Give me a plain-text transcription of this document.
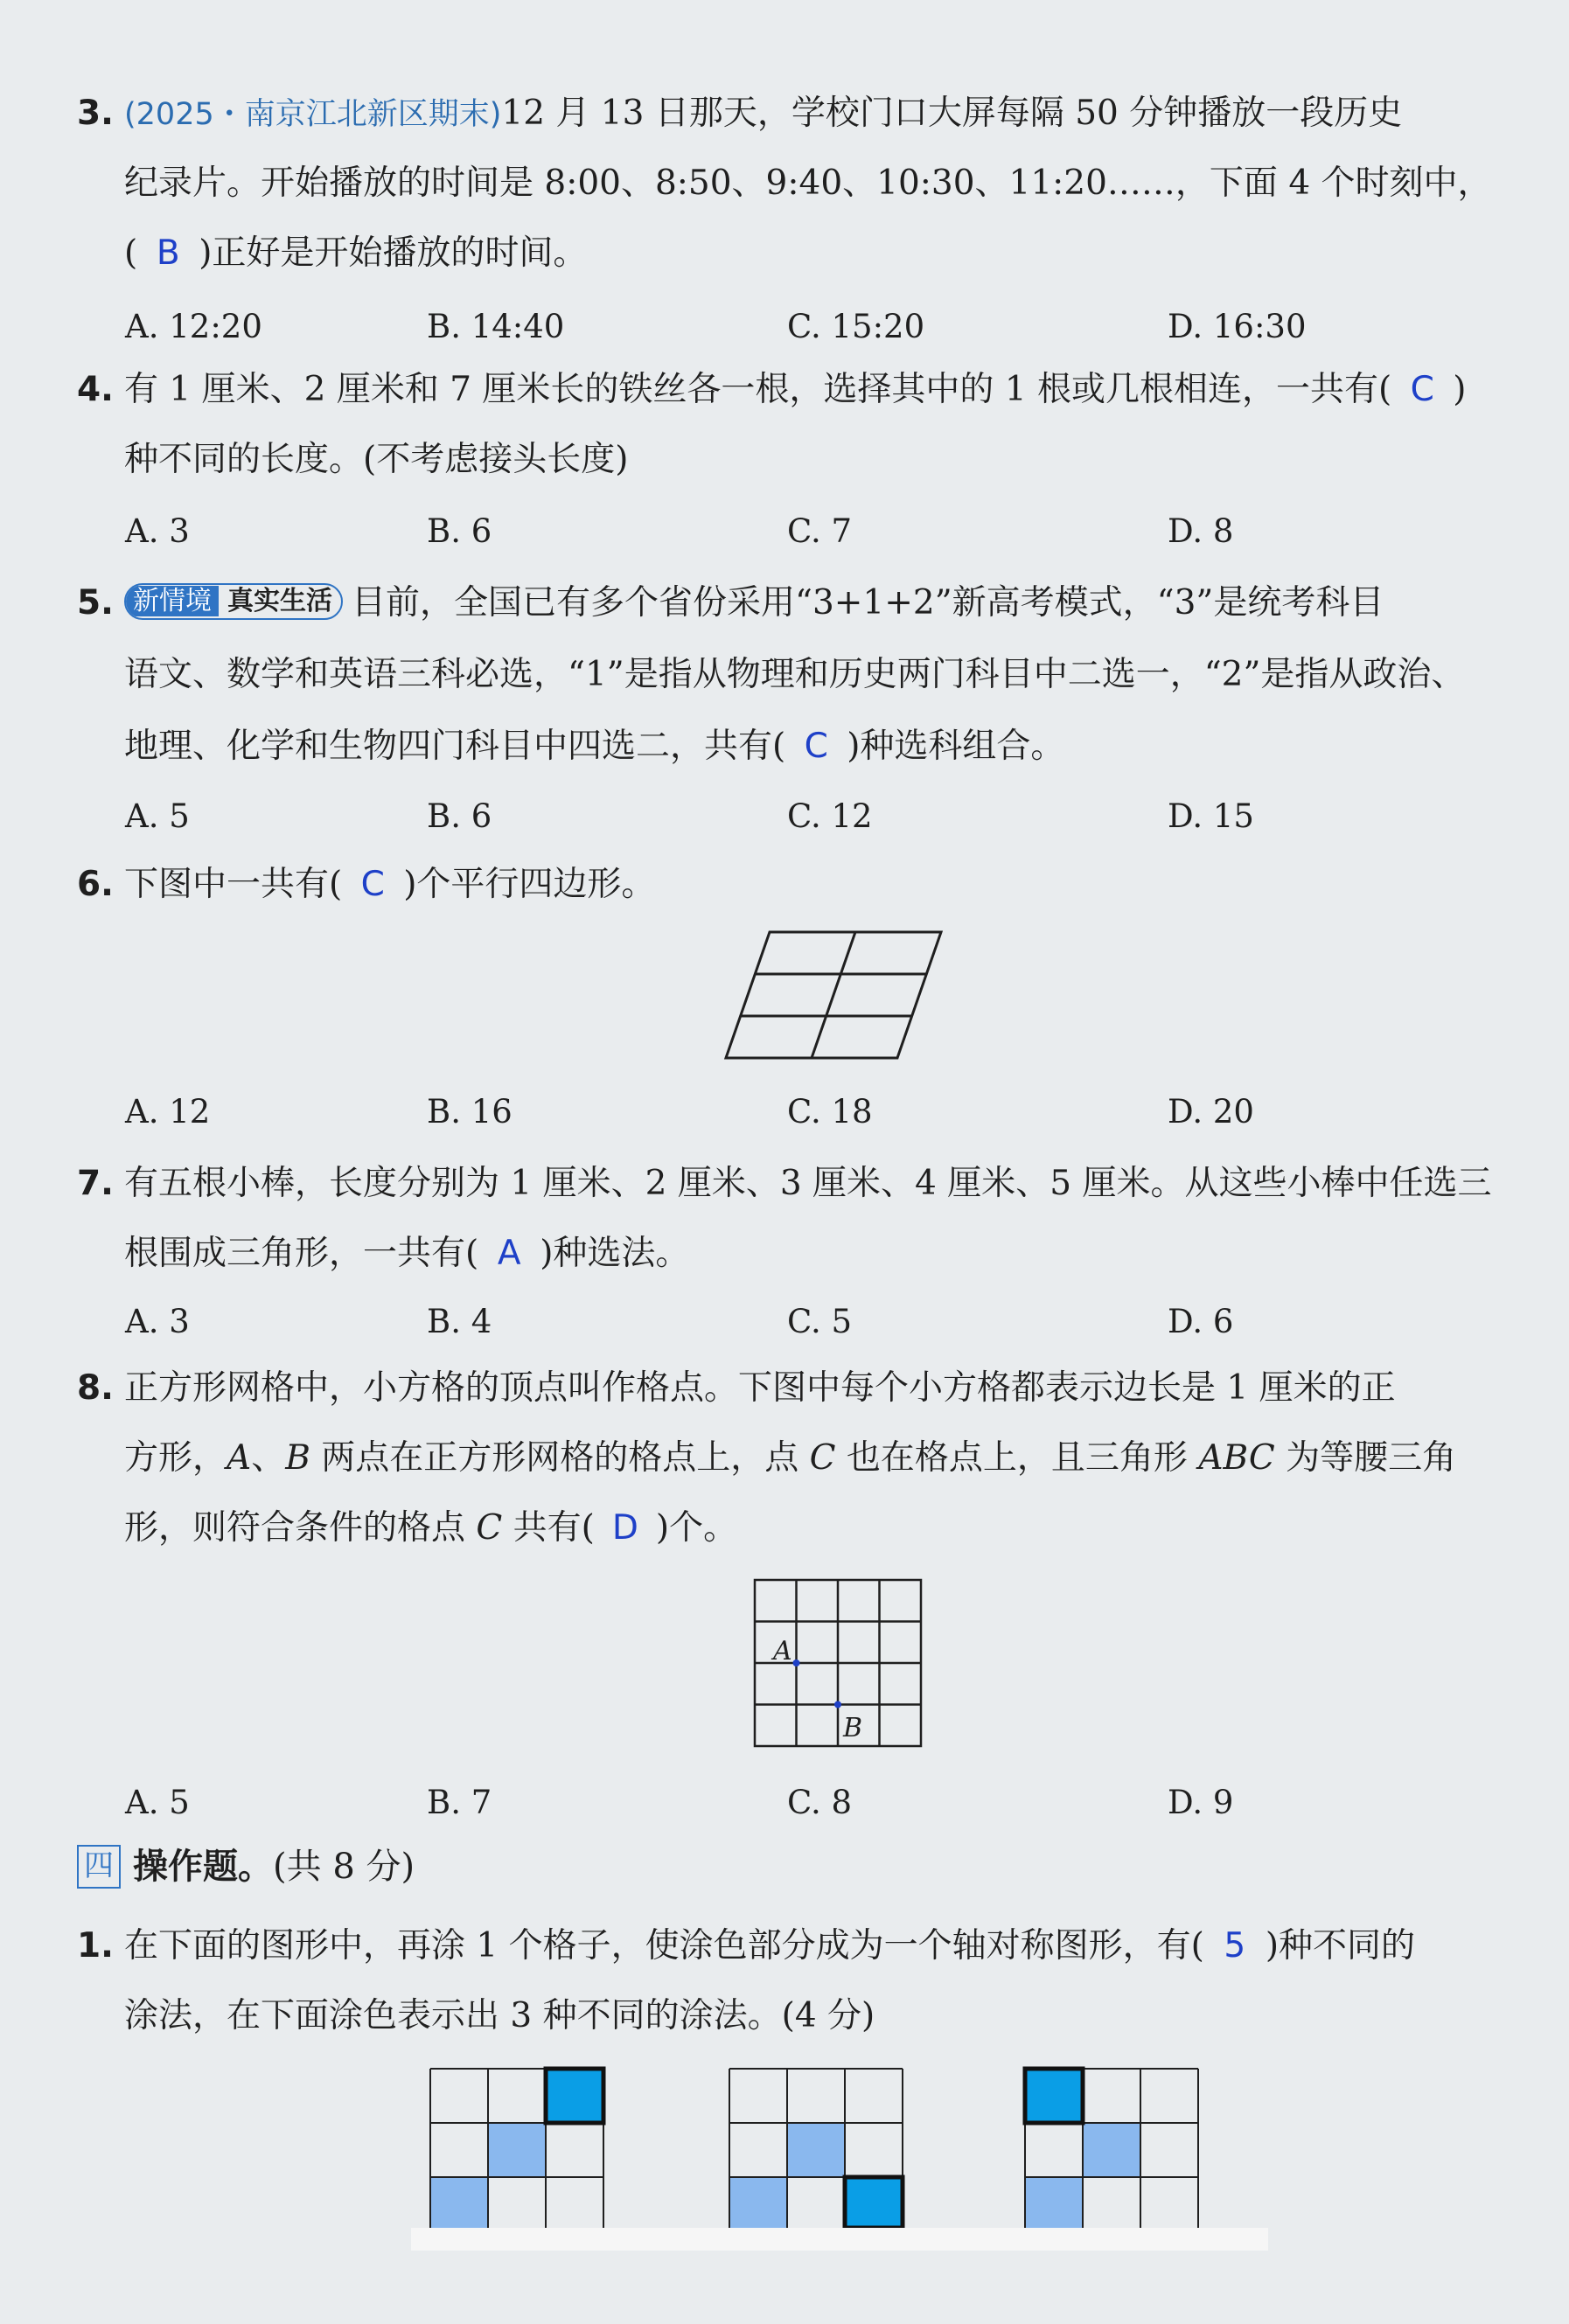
3. (2025・南京江北新区期末)12 月 13 日那天，学校门口大屏每隔 50 分钟播放一段历史
纪录片。开始播放的时间是 8:00、8:50、9:40、10:30、11:20……，下面 4 个时刻中，
( B )正好是开始播放的时间。
A. 12:20	B. 14:40	C. 15:20	D. 16:30
4. 有 1 厘米、2 厘米和 7 厘米长的铁丝各一根，选择其中的 1 根或几根相连，一共有( C )
种不同的长度。(不考虑接头长度)
A. 3	B. 6	C. 7	D. 8
5. 新情境 真实生活 目前，全国已有多个省份采用“3+1+2”新高考模式，“3”是统考科目
语文、数学和英语三科必选，“1”是指从物理和历史两门科目中二选一，“2”是指从政治、
地理、化学和生物四门科目中四选二，共有( C )种选科组合。
A. 5	B. 6	C. 12	D. 15
6. 下图中一共有( C )个平行四边形。
A. 12	B. 16	C. 18	D. 20
7. 有五根小棒，长度分别为 1 厘米、2 厘米、3 厘米、4 厘米、5 厘米。从这些小棒中任选三
根围成三角形，一共有( A )种选法。
A. 3	B. 4	C. 5	D. 6
8. 正方形网格中，小方格的顶点叫作格点。下图中每个小方格都表示边长是 1 厘米的正
方形，A、B 两点在正方形网格的格点上，点 C 也在格点上，且三角形 ABC 为等腰三角
形，则符合条件的格点 C 共有( D )个。
A
B
A. 5	B. 7	C. 8	D. 9
四 操作题。(共 8 分)
1. 在下面的图形中，再涂 1 个格子，使涂色部分成为一个轴对称图形，有( 5 )种不同的
涂法，在下面涂色表示出 3 种不同的涂法。(4 分)
